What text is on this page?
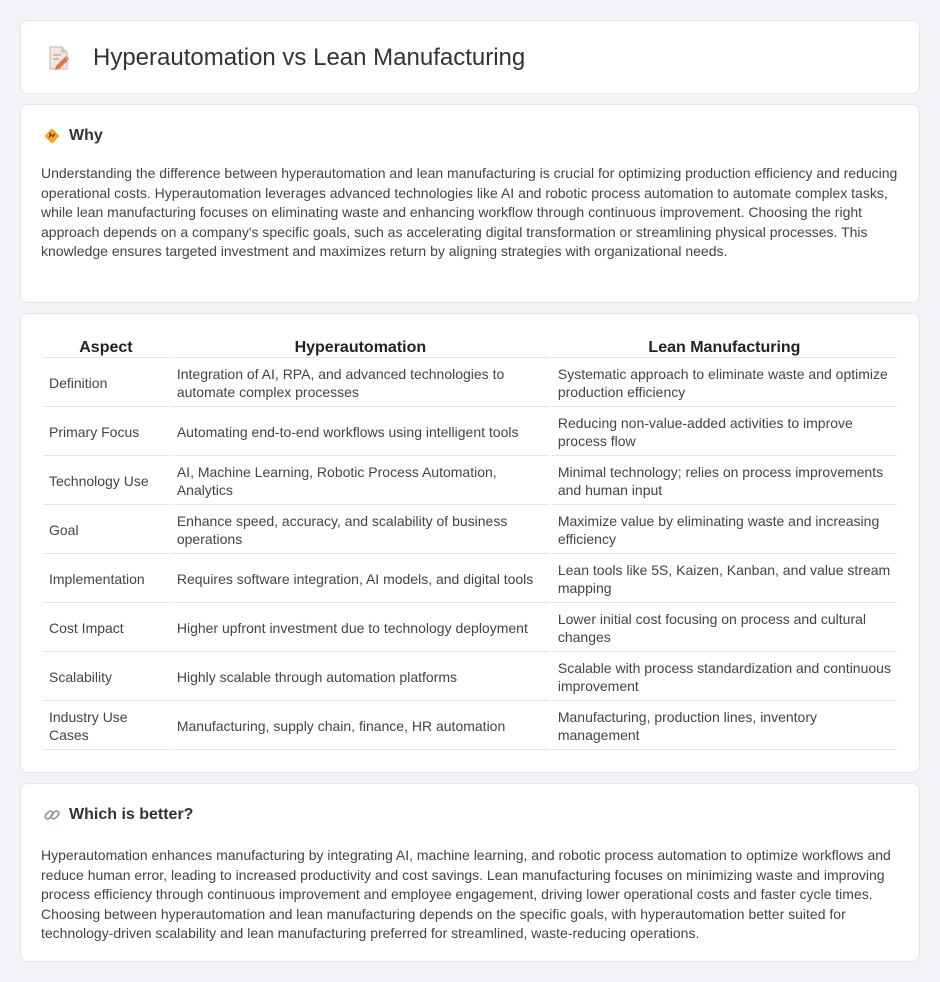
Hyperautomation vs Lean Manufacturing
Why

Understanding the difference between hyperautomation and lean manufacturing is crucial for optimizing production efficiency and reducing operational costs. Hyperautomation leverages advanced technologies like AI and robotic process automation to automate complex tasks, while lean manufacturing focuses on eliminating waste and enhancing workflow through continuous improvement. Choosing the right approach depends on a company's specific goals, such as accelerating digital transformation or streamlining physical processes. This knowledge ensures targeted investment and maximizes return by aligning strategies with organizational needs.

Aspect	Hyperautomation	Lean Manufacturing
Definition	Integration of AI, RPA, and advanced technologies to automate complex processes	Systematic approach to eliminate waste and optimize production efficiency
Primary Focus	Automating end-to-end workflows using intelligent tools	Reducing non-value-added activities to improve process flow
Technology Use	AI, Machine Learning, Robotic Process Automation, Analytics	Minimal technology; relies on process improvements and human input
Goal	Enhance speed, accuracy, and scalability of business operations	Maximize value by eliminating waste and increasing efficiency
Implementation	Requires software integration, AI models, and digital tools	Lean tools like 5S, Kaizen, Kanban, and value stream mapping
Cost Impact	Higher upfront investment due to technology deployment	Lower initial cost focusing on process and cultural changes
Scalability	Highly scalable through automation platforms	Scalable with process standardization and continuous improvement
Industry Use Cases	Manufacturing, supply chain, finance, HR automation	Manufacturing, production lines, inventory management
Which is better?

Hyperautomation enhances manufacturing by integrating AI, machine learning, and robotic process automation to optimize workflows and reduce human error, leading to increased productivity and cost savings. Lean manufacturing focuses on minimizing waste and improving process efficiency through continuous improvement and employee engagement, driving lower operational costs and faster cycle times. Choosing between hyperautomation and lean manufacturing depends on the specific goals, with hyperautomation better suited for technology-driven scalability and lean manufacturing preferred for streamlined, waste-reducing operations.
